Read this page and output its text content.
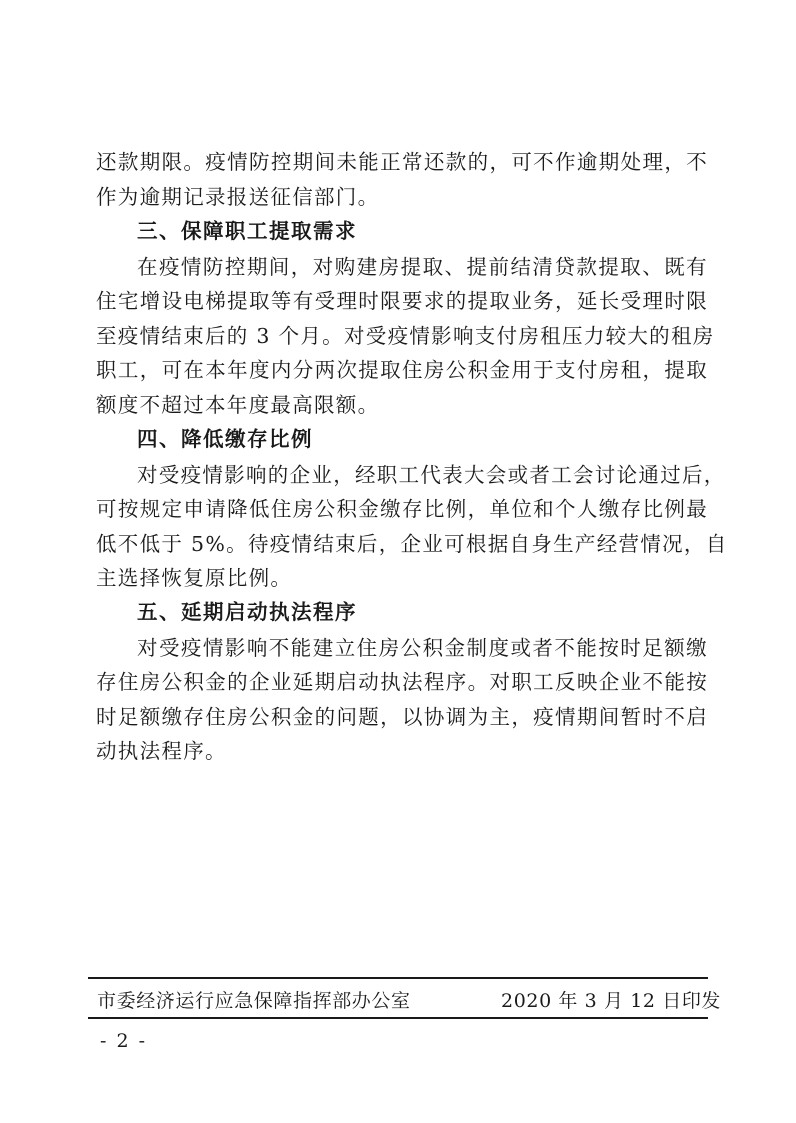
还款期限。疫情防控期间未能正常还款的，可不作逾期处理，不
作为逾期记录报送征信部门。
三、保障职工提取需求
在疫情防控期间，对购建房提取、提前结清贷款提取、既有
住宅增设电梯提取等有受理时限要求的提取业务，延长受理时限
至疫情结束后的 3 个月。对受疫情影响支付房租压力较大的租房
职工，可在本年度内分两次提取住房公积金用于支付房租，提取
额度不超过本年度最高限额。
四、降低缴存比例
对受疫情影响的企业，经职工代表大会或者工会讨论通过后，
可按规定申请降低住房公积金缴存比例，单位和个人缴存比例最
低不低于 5%。待疫情结束后，企业可根据自身生产经营情况，自
主选择恢复原比例。
五、延期启动执法程序
对受疫情影响不能建立住房公积金制度或者不能按时足额缴
存住房公积金的企业延期启动执法程序。对职工反映企业不能按
时足额缴存住房公积金的问题，以协调为主，疫情期间暂时不启
动执法程序。
市委经济运行应急保障指挥部办公室	2020 年 3 月 12 日印发
- 2 -
